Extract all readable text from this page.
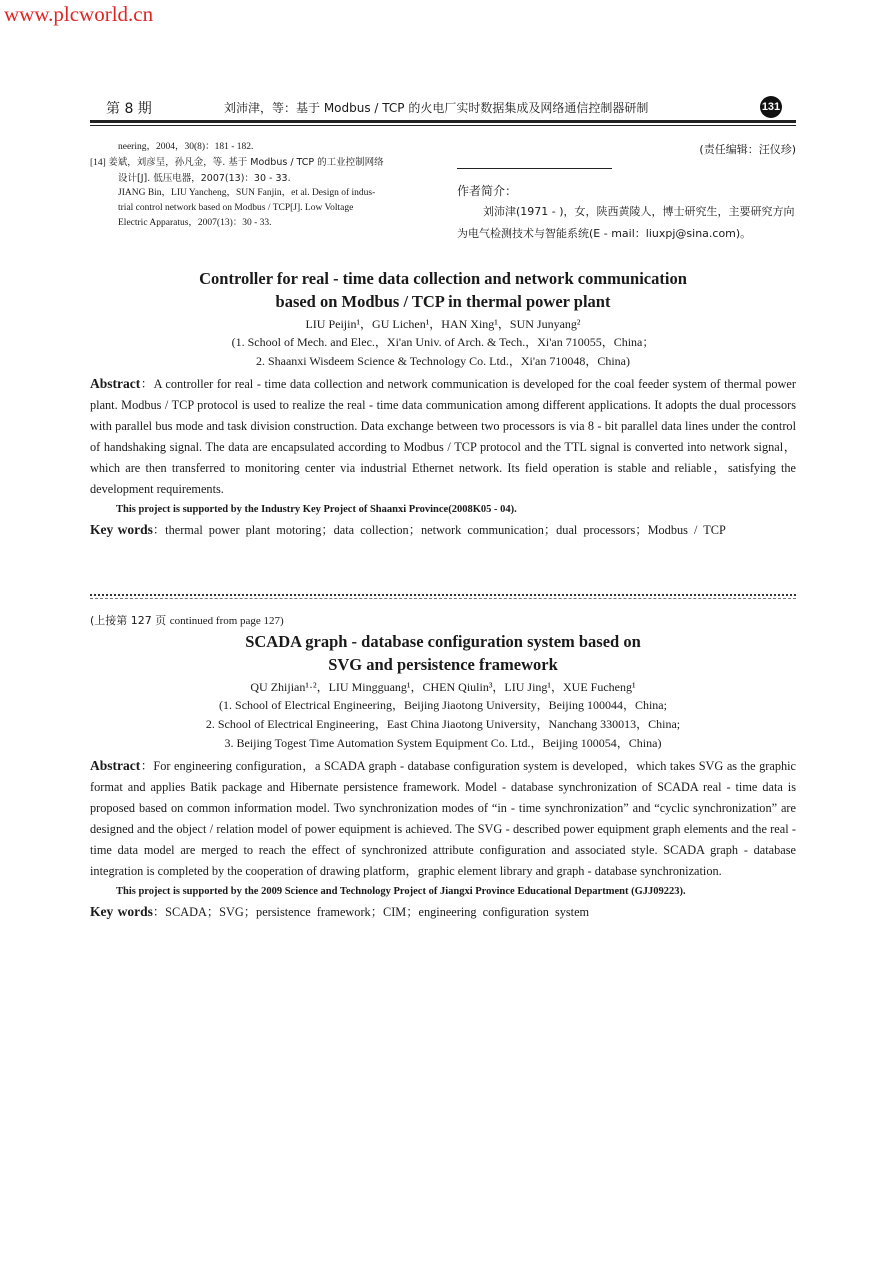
www.plcworld.cn
第 8 期	刘沛津，等：基于 Modbus / TCP 的火电厂实时数据集成及网络通信控制器研制	131
neering，2004，30(8)：181 - 182.
[14] 姜斌，刘彦呈，孙凡金，等. 基于 Modbus / TCP 的工业控制网络
设计[J]. 低压电器，2007(13)：30 - 33.
JIANG Bin，LIU Yancheng，SUN Fanjin，et al. Design of indus-
trial control network based on Modbus / TCP[J]. Low Voltage
Electric Apparatus，2007(13)：30 - 33.
(责任编辑：汪仪珍)
作者简介：
刘沛津(1971 - )，女，陕西黄陵人，博士研究生，主要研究方向为电气检测技术与智能系统(E - mail：liuxpj@sina.com)。
Controller for real - time data collection and network communication
based on Modbus / TCP in thermal power plant
LIU Peijin¹，GU Lichen¹，HAN Xing¹，SUN Junyang²
(1. School of Mech. and Elec.，Xi'an Univ. of Arch. & Tech.，Xi'an 710055，China；
2. Shaanxi Wisdeem Science & Technology Co. Ltd.，Xi'an 710048，China)
Abstract：A controller for real - time data collection and network communication is developed for the coal feeder system of thermal power plant. Modbus / TCP protocol is used to realize the real - time data communication among different applications. It adopts the dual processors with parallel bus mode and task division construction. Data exchange between two processors is via 8 - bit parallel data lines under the control of handshaking signal. The data are encapsulated according to Modbus / TCP protocol and the TTL signal is converted into network signal，which are then transferred to monitoring center via industrial Ethernet network. Its field operation is stable and reliable，satisfying the development requirements.
This project is supported by the Industry Key Project of Shaanxi Province(2008K05 - 04).
Key words：thermal power plant motoring；data collection；network communication；dual processors；Modbus / TCP
(上接第 127 页 continued from page 127)
SCADA graph - database configuration system based on
SVG and persistence framework
QU Zhijian¹·²，LIU Mingguang¹，CHEN Qiulin³，LIU Jing¹，XUE Fucheng¹
(1. School of Electrical Engineering，Beijing Jiaotong University，Beijing 100044，China;
2. School of Electrical Engineering，East China Jiaotong University，Nanchang 330013，China;
3. Beijing Togest Time Automation System Equipment Co. Ltd.，Beijing 100054，China)
Abstract：For engineering configuration，a SCADA graph - database configuration system is developed，which takes SVG as the graphic format and applies Batik package and Hibernate persistence framework. Model - database synchronization of SCADA real - time data is proposed based on common information model. Two synchronization modes of “in - time synchronization” and “cyclic synchronization” are designed and the object / relation model of power equipment is achieved. The SVG - described power equipment graph elements and the real - time data model are merged to reach the effect of synchronized attribute configuration and associated style. SCADA graph - database integration is completed by the cooperation of drawing platform，graphic element library and graph - database synchronization.
This project is supported by the 2009 Science and Technology Project of Jiangxi Province Educational Department (GJJ09223).
Key words：SCADA；SVG；persistence framework；CIM；engineering configuration system
